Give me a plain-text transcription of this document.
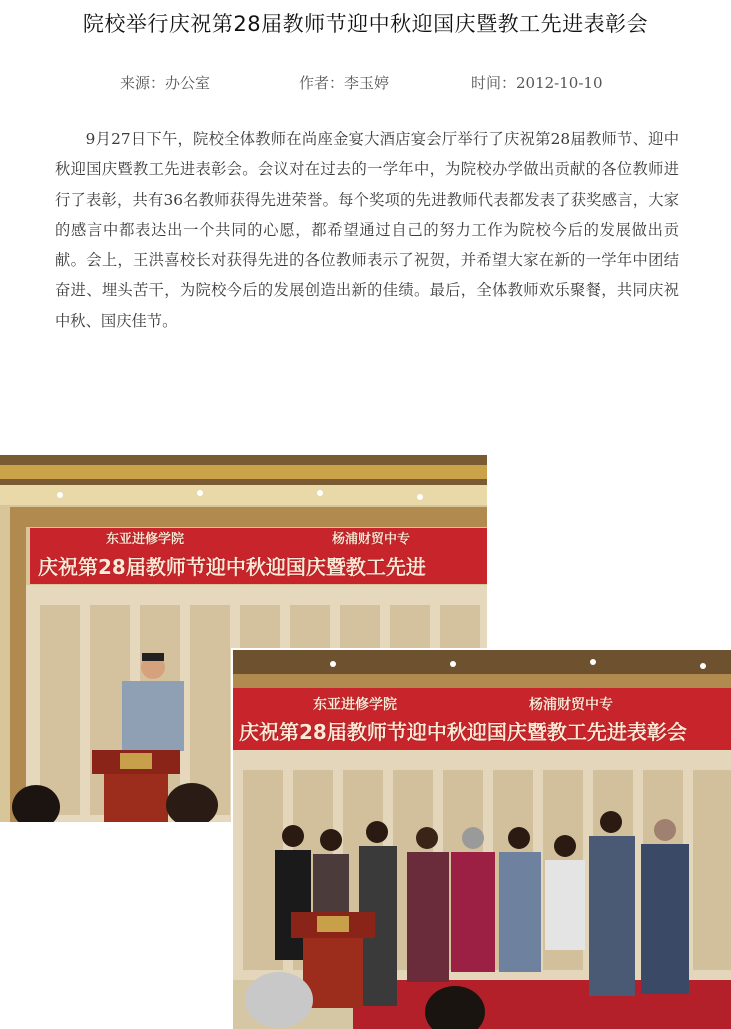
院校举行庆祝第28届教师节迎中秋迎国庆暨教工先进表彰会
来源：办公室	作者：李玉婷	时间：2012-10-10

9月27日下午，院校全体教师在尚座金宴大酒店宴会厅举行了庆祝第28届教师节、迎中秋迎国庆暨教工先进表彰会。会议对在过去的一学年中，为院校办学做出贡献的各位教师进行了表彰，共有36名教师获得先进荣誉。每个奖项的先进教师代表都发表了获奖感言，大家的感言中都表达出一个共同的心愿，都希望通过自己的努力工作为院校今后的发展做出贡献。会上，王洪喜校长对获得先进的各位教师表示了祝贺，并希望大家在新的一学年中团结奋进、埋头苦干，为院校今后的发展创造出新的佳绩。最后，全体教师欢乐聚餐，共同庆祝中秋、国庆佳节。

东亚进修学院	杨浦财贸中专
庆祝第28届教师节迎中秋迎国庆暨教工先进
东亚进修学院	杨浦财贸中专
庆祝第28届教师节迎中秋迎国庆暨教工先进表彰会
